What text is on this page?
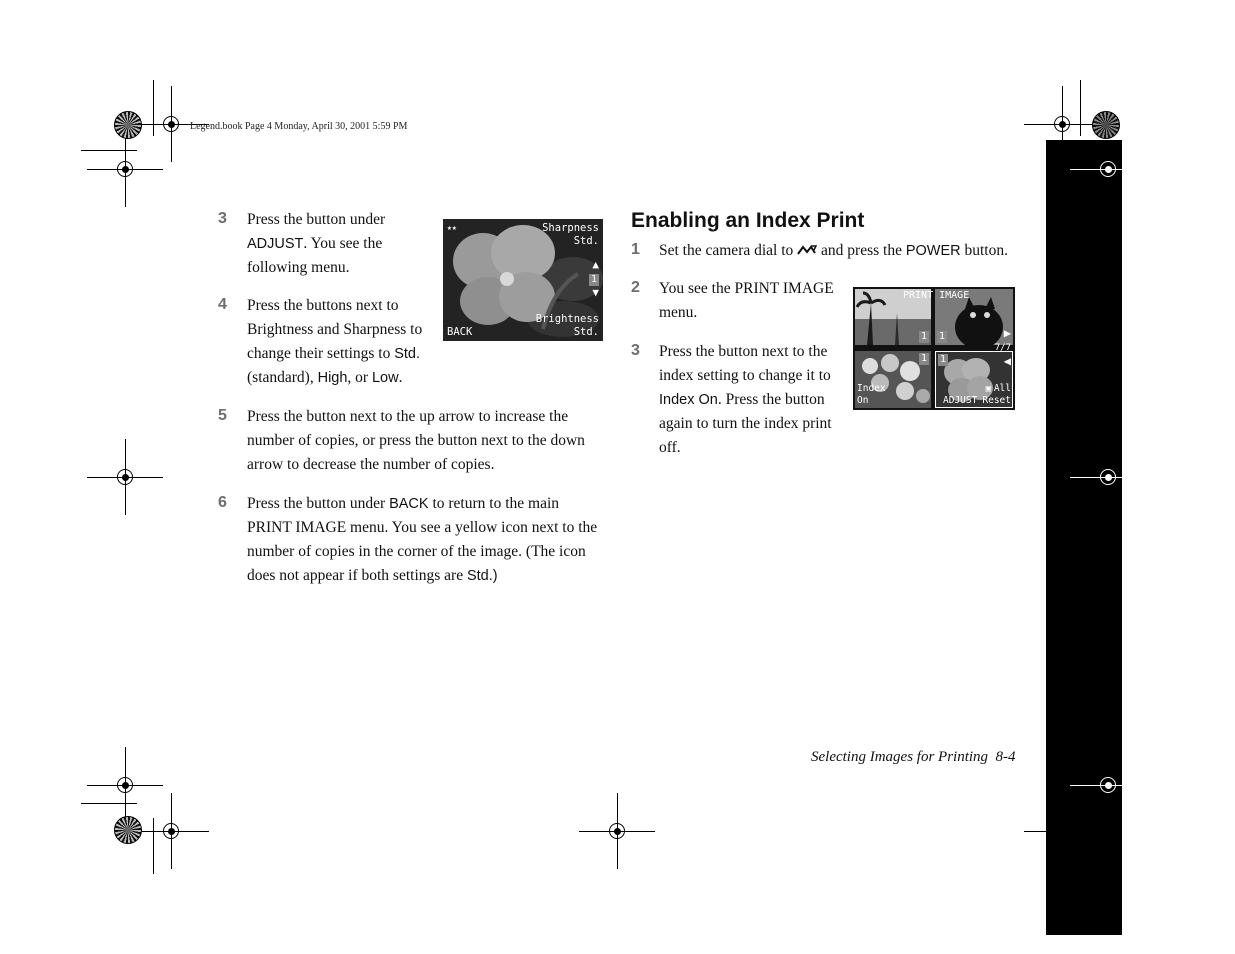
Legend.book Page 4 Monday, April 30, 2001 5:59 PM
3 Press the button under ADJUST. You see the following menu.
4 Press the buttons next to Brightness and Sharpness to change their settings to Std. (standard), High, or Low.
5 Press the button next to the up arrow to increase the number of copies, or press the button next to the down arrow to decrease the number of copies.
6 Press the button under BACK to return to the main PRINT IMAGE menu. You see a yellow icon next to the number of copies in the corner of the image. (The icon does not appear if both settings are Std.)
★★	Sharpness
Std.
▲
1
▼
Brightness
Std.
BACK
Enabling an Index Print
1 Set the camera dial to  and press the POWER button.
2 You see the PRINT IMAGE menu.
3 Press the button next to the index setting to change it to Index On. Press the button again to turn the index print off.
1 1
1 1
PRINT IMAGE
▶
7/7
◀
Index
On	ADJUST
▣ All
Reset
Selecting Images for Printing  8-4
